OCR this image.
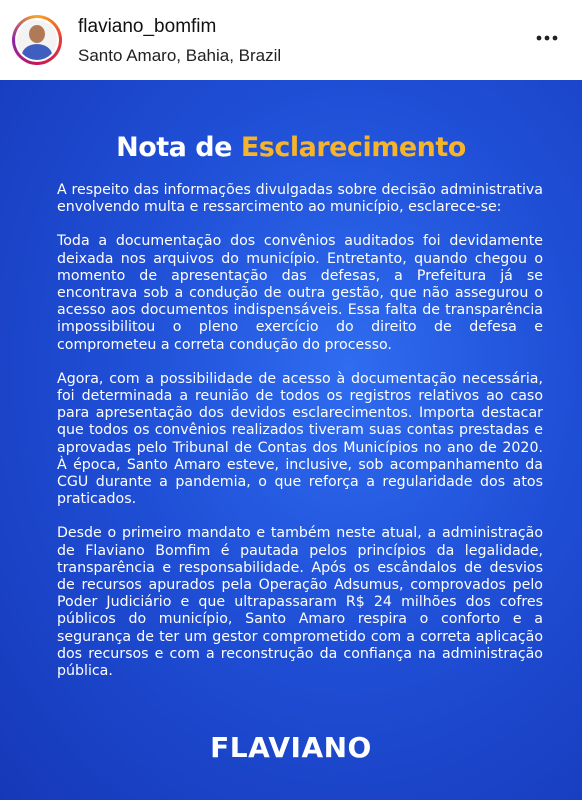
flaviano_bomfim
Santo Amaro, Bahia, Brazil
Nota de Esclarecimento

A respeito das informações divulgadas sobre decisão administrativa envolvendo multa e ressarcimento ao município, esclarece-se:

Toda a documentação dos convênios auditados foi devidamente deixada nos arquivos do município. Entretanto, quando chegou o momento de apresentação das defesas, a Prefeitura já se encontrava sob a condução de outra gestão, que não assegurou o acesso aos documentos indispensáveis. Essa falta de transparência impossibilitou o pleno exercício do direito de defesa e comprometeu a correta condução do processo.

Agora, com a possibilidade de acesso à documentação necessária, foi determinada a reunião de todos os registros relativos ao caso para apresentação dos devidos esclarecimentos. Importa destacar que todos os convênios realizados tiveram suas contas prestadas e aprovadas pelo Tribunal de Contas dos Municípios no ano de 2020. À época, Santo Amaro esteve, inclusive, sob acompanhamento da CGU durante a pandemia, o que reforça a regularidade dos atos praticados.

Desde o primeiro mandato e também neste atual, a administração de Flaviano Bomfim é pautada pelos princípios da legalidade, transparência e responsabilidade. Após os escândalos de desvios de recursos apurados pela Operação Adsumus, comprovados pelo Poder Judiciário e que ultrapassaram R$ 24 milhões dos cofres públicos do município, Santo Amaro respira o conforto e a segurança de ter um gestor comprometido com a correta aplicação dos recursos e com a reconstrução da confiança na administração pública.

FLAVIANO
